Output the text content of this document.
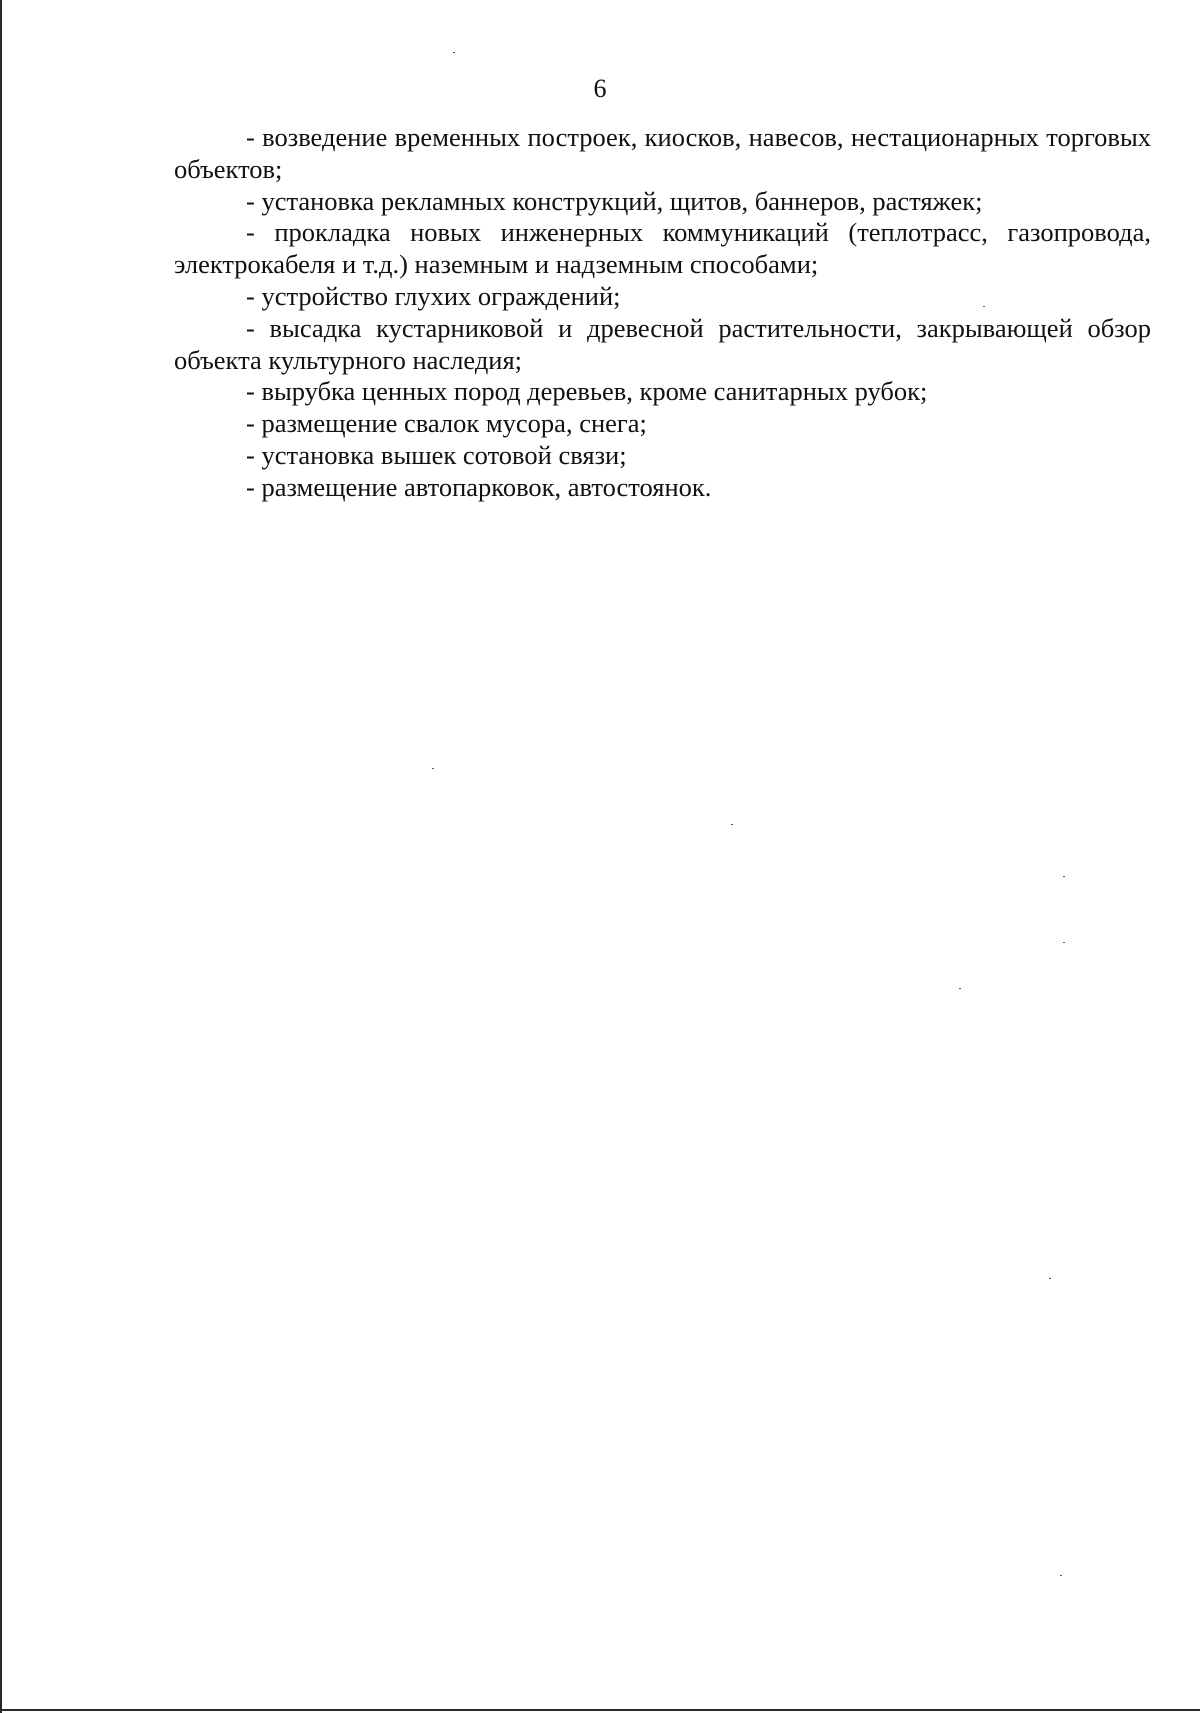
6

- возведение временных построек, киосков, навесов, нестационарных торговых объектов;

- установка рекламных конструкций, щитов, баннеров, растяжек;

- прокладка новых инженерных коммуникаций (теплотрасс, газопровода, электрокабеля и т.д.) наземным и надземным способами;

- устройство глухих ограждений;

- высадка кустарниковой и древесной растительности, закрывающей обзор объекта культурного наследия;

- вырубка ценных пород деревьев, кроме санитарных рубок;

- размещение свалок мусора, снега;

- установка вышек сотовой связи;

- размещение автопарковок, автостоянок.
